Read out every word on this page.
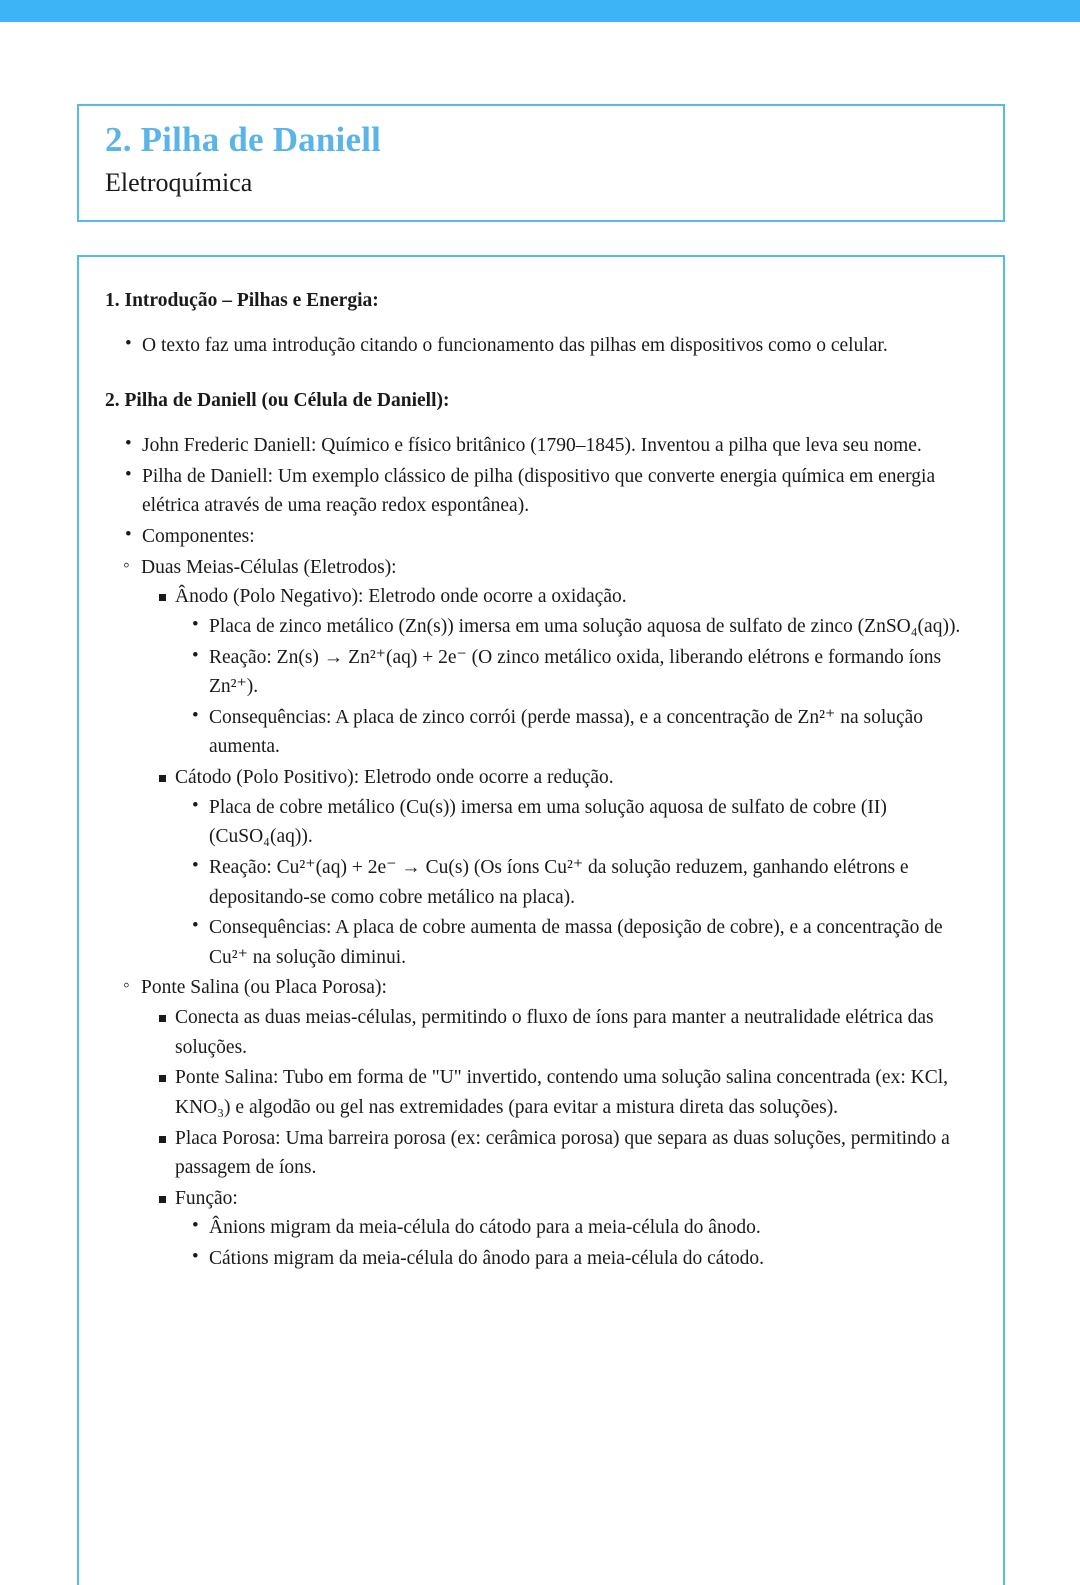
2. Pilha de Daniell
Eletroquímica
1. Introdução – Pilhas e Energia:
• O texto faz uma introdução citando o funcionamento das pilhas em dispositivos como o celular.
2. Pilha de Daniell (ou Célula de Daniell):
• John Frederic Daniell: Químico e físico britânico (1790–1845). Inventou a pilha que leva seu nome.
• Pilha de Daniell: Um exemplo clássico de pilha (dispositivo que converte energia química em energia elétrica através de uma reação redox espontânea).
• Componentes:
◦ Duas Meias-Células (Eletrodos):
Ânodo (Polo Negativo): Eletrodo onde ocorre a oxidação.
• Placa de zinco metálico (Zn(s)) imersa em uma solução aquosa de sulfato de zinco (ZnSO₄(aq)).
• Reação: Zn(s) → Zn²⁺(aq) + 2e⁻ (O zinco metálico oxida, liberando elétrons e formando íons Zn²⁺).
• Consequências: A placa de zinco corrói (perde massa), e a concentração de Zn²⁺ na solução aumenta.
Cátodo (Polo Positivo): Eletrodo onde ocorre a redução.
• Placa de cobre metálico (Cu(s)) imersa em uma solução aquosa de sulfato de cobre (II) (CuSO₄(aq)).
• Reação: Cu²⁺(aq) + 2e⁻ → Cu(s) (Os íons Cu²⁺ da solução reduzem, ganhando elétrons e depositando-se como cobre metálico na placa).
• Consequências: A placa de cobre aumenta de massa (deposição de cobre), e a concentração de Cu²⁺ na solução diminui.
◦ Ponte Salina (ou Placa Porosa):
Conecta as duas meias-células, permitindo o fluxo de íons para manter a neutralidade elétrica das soluções.
Ponte Salina: Tubo em forma de "U" invertido, contendo uma solução salina concentrada (ex: KCl, KNO₃) e algodão ou gel nas extremidades (para evitar a mistura direta das soluções).
Placa Porosa: Uma barreira porosa (ex: cerâmica porosa) que separa as duas soluções, permitindo a passagem de íons.
Função:
• Ânions migram da meia-célula do cátodo para a meia-célula do ânodo.
• Cátions migram da meia-célula do ânodo para a meia-célula do cátodo.
